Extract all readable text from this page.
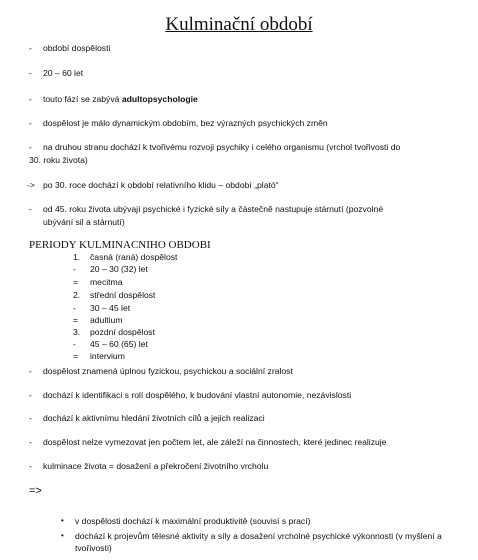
Kulminační období
- období dospělosti
- 20 – 60 let
- touto fází se zabývá adultopsychologie
- dospělost je málo dynamickým obdobím, bez výrazných psychických změn
- na druhou stranu dochází k tvořivému rozvoji psychiky i celého organismu (vrchol tvořivosti do
30. roku života)
-> po 30. roce dochází k období relativního klidu – období „plató“
- od 45. roku života ubývají psychické i fyzické síly a částečně nastupuje stárnutí (pozvolné
ubývání sil a stárnutí)
PERIODY KULMINACNIHO OBDOBI
1. časná (raná) dospělost
- 20 – 30 (32) let
= mecitma
2. střední dospělost
- 30 – 45 let
= adultium
3. pozdní dospělost
- 45 – 60 (65) let
= intervium
- dospělost znamená úplnou fyzickou, psychickou a sociální zralost
- dochází k identifikaci s rolí dospělého, k budování vlastní autonomie, nezávislosti
- dochází k aktivnímu hledání životních cílů a jejich realizaci
- dospělost nelze vymezovat jen počtem let, ale záleží na činnostech, které jedinec realizuje
- kulminace života = dosažení a překročení životního vrcholu
=>
• v dospělosti dochází k maximální produktivitě (souvisí s prací)
• dochází k projevům tělesné aktivity a síly a dosažení vrcholné psychické výkonnosti (v myšlení a tvořivosti)
